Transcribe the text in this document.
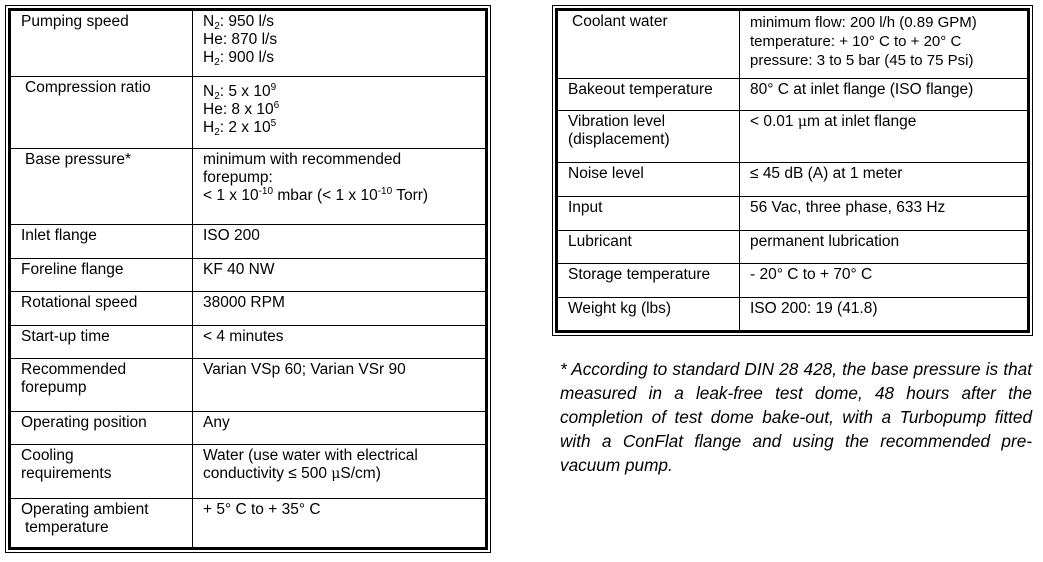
Pumping speed	$N_2$: 950 l/s
He: 870 l/s
$H_2$: 900 l/s

Compression ratio	$N_2$: 5 x $10^9$
He: 8 x $10^6$
$H_2$: 2 x $10^5$

Base pressure*	minimum with recommended
forepump:
< 1 x $10^{-10}$ mbar (< 1 x $10^{-10}$ Torr)

Inlet flange	ISO 200
Foreline flange	KF 40 NW
Rotational speed	38000 RPM
Start-up time	< 4 minutes

Recommended
forepump	Varian VSp 60; Varian VSr 90
Operating position	Any

Cooling
requirements	Water (use water with electrical
conductivity ≤ 500 μS/cm)

Operating ambient
temperature	+ 5° C to + 35° C
Coolant water	minimum flow: 200 l/h (0.89 GPM)
temperature: + 10° C to + 20° C
pressure: 3 to 5 bar (45 to 75 Psi)

Bakeout temperature	80° C at inlet flange (ISO flange)

Vibration level
(displacement)	< 0.01 μm at inlet flange
Noise level	≤ 45 dB (A) at 1 meter
Input	56 Vac, three phase, 633 Hz
Lubricant	permanent lubrication
Storage temperature	- 20° C to + 70° C
Weight kg (lbs)	ISO 200: 19 (41.8)
* According to standard DIN 28 428, the base pressure is that measured in a leak-free test dome, 48 hours after the completion of test dome bake-out, with a Turbopump fitted with a ConFlat flange and using the recommended pre-vacuum pump.
